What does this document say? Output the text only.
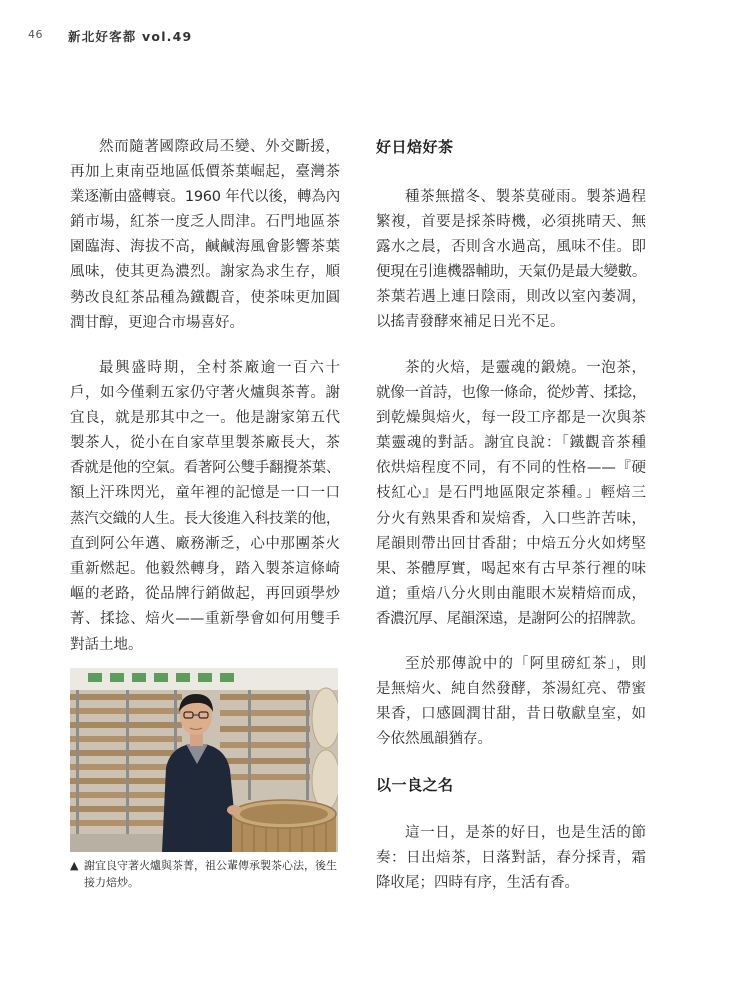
46 新北好客都 vol.49
然而隨著國際政局丕變、外交斷援，
再加上東南亞地區低價茶葉崛起，臺灣茶
業逐漸由盛轉衰。1960 年代以後，轉為內
銷市場，紅茶一度乏人問津。石門地區茶
園臨海、海拔不高，鹹鹹海風會影響茶葉
風味，使其更為濃烈。謝家為求生存，順
勢改良紅茶品種為鐵觀音，使茶味更加圓
潤甘醇，更迎合市場喜好。
最興盛時期，全村茶廠逾一百六十
戶，如今僅剩五家仍守著火爐與茶菁。謝
宜良，就是那其中之一。他是謝家第五代
製茶人，從小在自家草里製茶廠長大，茶
香就是他的空氣。看著阿公雙手翻攪茶葉、
額上汗珠閃光，童年裡的記憶是一口一口
蒸汽交織的人生。長大後進入科技業的他，
直到阿公年邁、廠務漸乏，心中那團茶火
重新燃起。他毅然轉身，踏入製茶這條崎
嶇的老路，從品牌行銷做起，再回頭學炒
菁、揉捻、焙火——重新學會如何用雙手
對話土地。
▲ 謝宜良守著火爐與茶菁，祖公輩傳承製茶心法，後生
接力焙炒。
好日焙好茶
種茶無擋冬、製茶莫碰雨。製茶過程
繁複，首要是採茶時機，必須挑晴天、無
露水之晨，否則含水過高，風味不佳。即
便現在引進機器輔助，天氣仍是最大變數。
茶葉若遇上連日陰雨，則改以室內萎凋，
以搖青發酵來補足日光不足。
茶的火焙，是靈魂的鍛燒。一泡茶，
就像一首詩，也像一條命，從炒菁、揉捻，
到乾燥與焙火，每一段工序都是一次與茶
葉靈魂的對話。謝宜良說：「鐵觀音茶種
依烘焙程度不同，有不同的性格——『硬
枝紅心』是石門地區限定茶種。」輕焙三
分火有熟果香和炭焙香，入口些許苦味，
尾韻則帶出回甘香甜；中焙五分火如烤堅
果、茶體厚實，喝起來有古早茶行裡的味
道；重焙八分火則由龍眼木炭精焙而成，
香濃沉厚、尾韻深遠，是謝阿公的招牌款。
至於那傳說中的「阿里磅紅茶」，則
是無焙火、純自然發酵，茶湯紅亮、帶蜜
果香，口感圓潤甘甜，昔日敬獻皇室，如
今依然風韻猶存。
以一良之名
這一日，是茶的好日，也是生活的節
奏：日出焙茶，日落對話，春分採青，霜
降收尾；四時有序，生活有香。
